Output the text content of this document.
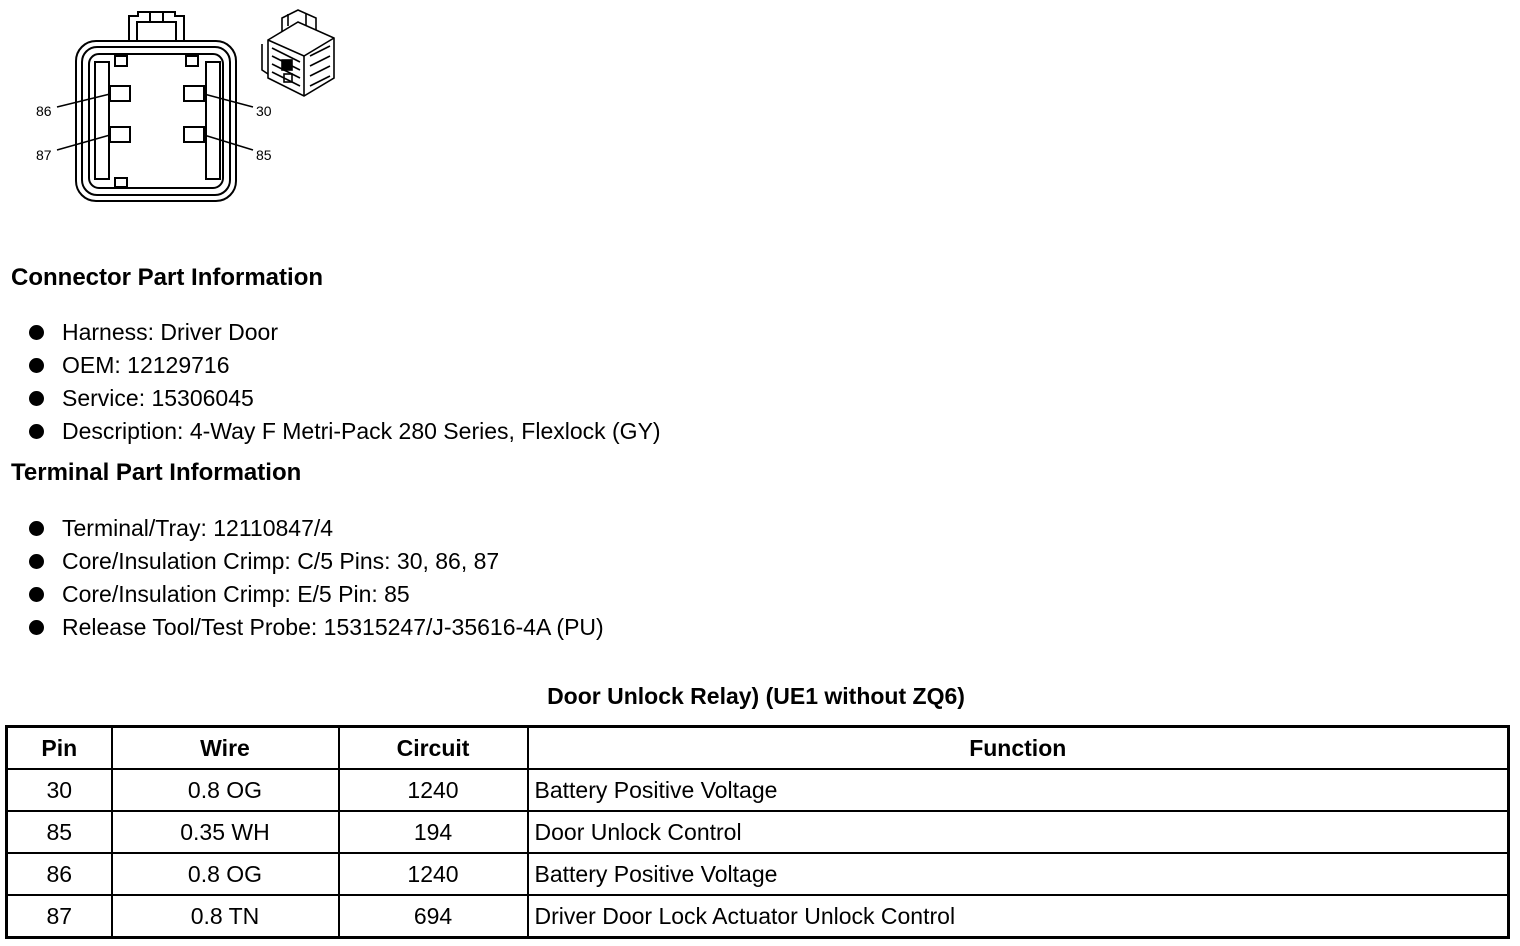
86
87
30
85
Connector Part Information
Harness: Driver Door
OEM: 12129716
Service: 15306045
Description: 4-Way F Metri-Pack 280 Series, Flexlock (GY)
Terminal Part Information
Terminal/Tray: 12110847/4
Core/Insulation Crimp: C/5 Pins: 30, 86, 87
Core/Insulation Crimp: E/5 Pin: 85
Release Tool/Test Probe: 15315247/J-35616-4A (PU)
Door Unlock Relay) (UE1 without ZQ6)
Pin	Wire	Circuit	Function
30	0.8 OG	1240	Battery Positive Voltage
85	0.35 WH	194	Door Unlock Control
86	0.8 OG	1240	Battery Positive Voltage
87	0.8 TN	694	Driver Door Lock Actuator Unlock Control
